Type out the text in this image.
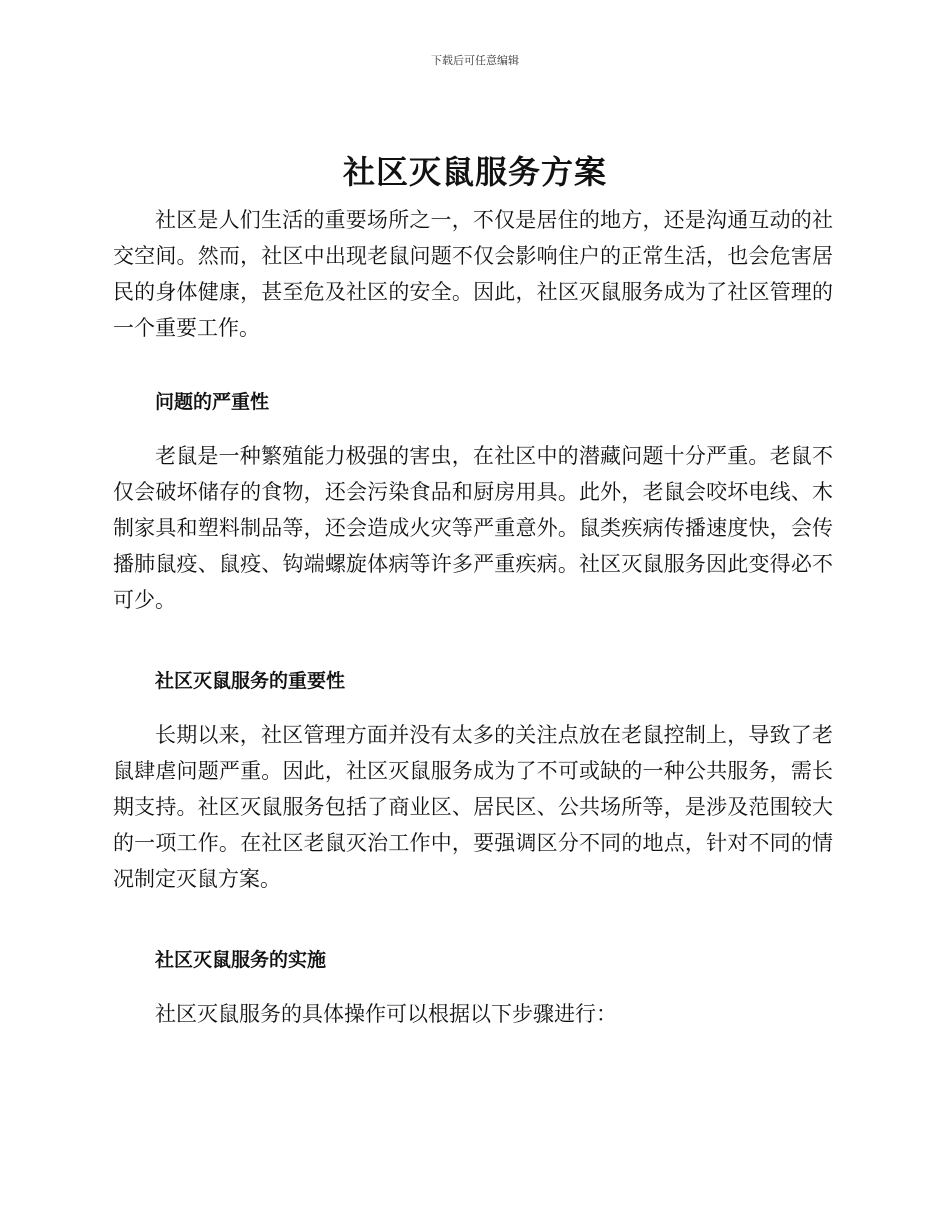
下载后可任意编辑
社区灭鼠服务方案

社区是人们生活的重要场所之一，不仅是居住的地方，还是沟通互动的社交空间。然而，社区中出现老鼠问题不仅会影响住户的正常生活，也会危害居民的身体健康，甚至危及社区的安全。因此，社区灭鼠服务成为了社区管理的一个重要工作。

问题的严重性

老鼠是一种繁殖能力极强的害虫，在社区中的潜藏问题十分严重。老鼠不仅会破坏储存的食物，还会污染食品和厨房用具。此外，老鼠会咬坏电线、木制家具和塑料制品等，还会造成火灾等严重意外。鼠类疾病传播速度快，会传播肺鼠疫、鼠疫、钩端螺旋体病等许多严重疾病。社区灭鼠服务因此变得必不可少。

社区灭鼠服务的重要性

长期以来，社区管理方面并没有太多的关注点放在老鼠控制上，导致了老鼠肆虐问题严重。因此，社区灭鼠服务成为了不可或缺的一种公共服务，需长期支持。社区灭鼠服务包括了商业区、居民区、公共场所等，是涉及范围较大的一项工作。在社区老鼠灭治工作中，要强调区分不同的地点，针对不同的情况制定灭鼠方案。

社区灭鼠服务的实施

社区灭鼠服务的具体操作可以根据以下步骤进行：
